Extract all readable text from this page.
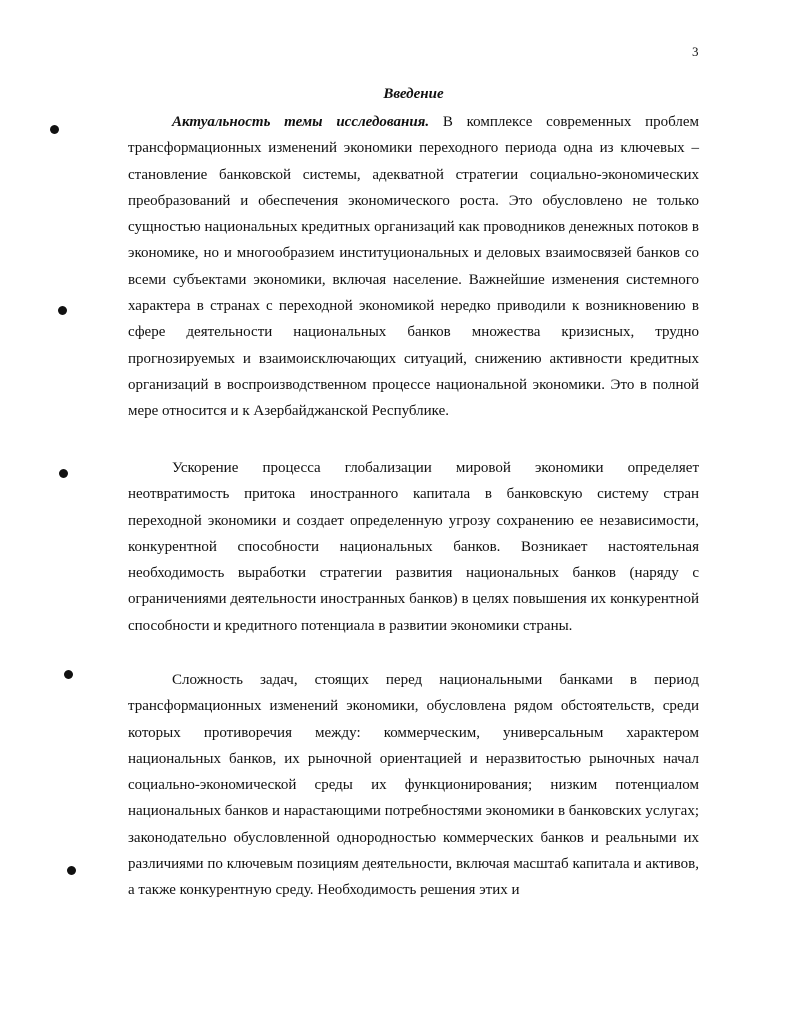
3
Введение

Актуальность темы исследования. В комплексе современных проблем трансформационных изменений экономики переходного периода одна из ключевых – становление банковской системы, адекватной стратегии социально-экономических преобразований и обеспечения экономического роста. Это обусловлено не только сущностью национальных кредитных организаций как проводников денежных потоков в экономике, но и многообразием институциональных и деловых взаимосвязей банков со всеми субъектами экономики, включая население. Важнейшие изменения системного характера в странах с переходной экономикой нередко приводили к возникновению в сфере деятельности национальных банков множества кризисных, трудно прогнозируемых и взаимоисключающих ситуаций, снижению активности кредитных организаций в воспроизводственном процессе национальной экономики. Это в полной мере относится и к Азербайджанской Республике.

Ускорение процесса глобализации мировой экономики определяет неотвратимость притока иностранного капитала в банковскую систему стран переходной экономики и создает определенную угрозу сохранению ее независимости, конкурентной способности национальных банков. Возникает настоятельная необходимость выработки стратегии развития национальных банков (наряду с ограничениями деятельности иностранных банков) в целях повышения их конкурентной способности и кредитного потенциала в развитии экономики страны.

Сложность задач, стоящих перед национальными банками в период трансформационных изменений экономики, обусловлена рядом обстоятельств, среди которых противоречия между: коммерческим, универсальным характером национальных банков, их рыночной ориентацией и неразвитостью рыночных начал социально-экономической среды их функционирования; низким потенциалом национальных банков и нарастающими потребностями экономики в банковских услугах; законодательно обусловленной однородностью коммерческих банков и реальными их различиями по ключевым позициям деятельности, включая масштаб капитала и активов, а также конкурентную среду. Необходимость решения этих и
